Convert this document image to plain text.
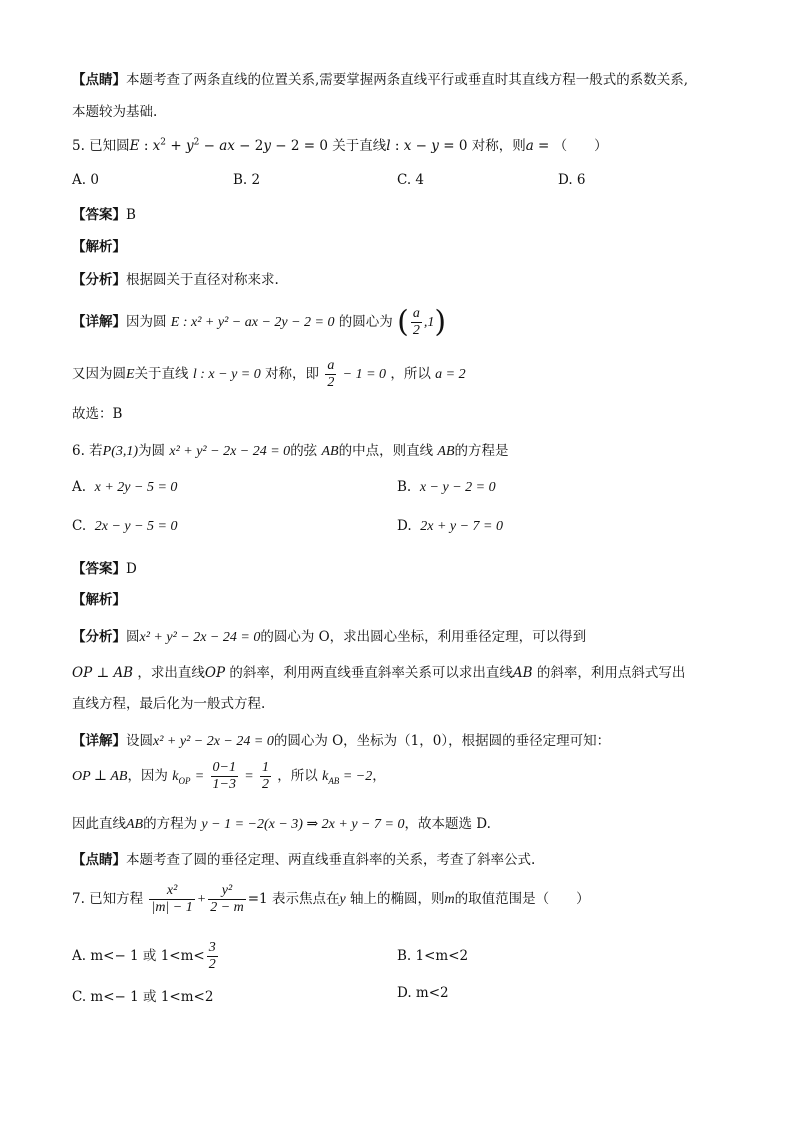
【点睛】本题考查了两条直线的位置关系,需要掌握两条直线平行或垂直时其直线方程一般式的系数关系,
本题较为基础.
5. 已知圆E : $x^2 + y^2$ − ax − 2y − 2 = 0 关于直线l : x − y = 0 对称，则a = （　　）
A. 0	B. 2	C. 4	D. 6
【答案】B
【解析】
【分析】根据圆关于直径对称来求.
【详解】因为圆 E : x² + y² − ax − 2y − 2 = 0 的圆心为 ( $\frac{a}{2} ,1$)
又因为圆E关于直线 l : x − y = 0 对称，即 $\frac{a}{2} - 1 = 0$ ，所以 a = 2
故选：B
6. 若P(3,1)为圆 x² + y² − 2x − 24 = 0的弦 AB的中点，则直线 AB的方程是
A. x + 2y − 5 = 0	B. x − y − 2 = 0
C. 2x − y − 5 = 0	D. 2x + y − 7 = 0
【答案】D
【解析】
【分析】圆x² + y² − 2x − 24 = 0的圆心为 O，求出圆心坐标，利用垂径定理，可以得到
OP ⊥ AB ，求出直线OP 的斜率，利用两直线垂直斜率关系可以求出直线AB 的斜率，利用点斜式写出
直线方程，最后化为一般式方程.
【详解】设圆x² + y² − 2x − 24 = 0的圆心为 O，坐标为（1，0），根据圆的垂径定理可知：
OP ⊥ AB，因为 $k_{OP} = \frac{0-1}{1-3} = \frac{1}{2}$ ，所以 $k_{AB} = -2$，
因此直线AB的方程为 y − 1 = −2(x − 3) ⇒ 2x + y − 7 = 0，故本题选 D.
【点睛】本题考查了圆的垂径定理、两直线垂直斜率的关系，考查了斜率公式.
7. 已知方程 $\frac{\text{x²}}{|m| - 1} + \frac{\text{y²}}{2 - m} =1$ 表示焦点在y 轴上的椭圆，则m的取值范围是（　　）
A. m<− 1 或 $1<m< \frac{3}{2}$	B. 1<m<2
C. m<− 1 或 1<m<2	D. m<2
